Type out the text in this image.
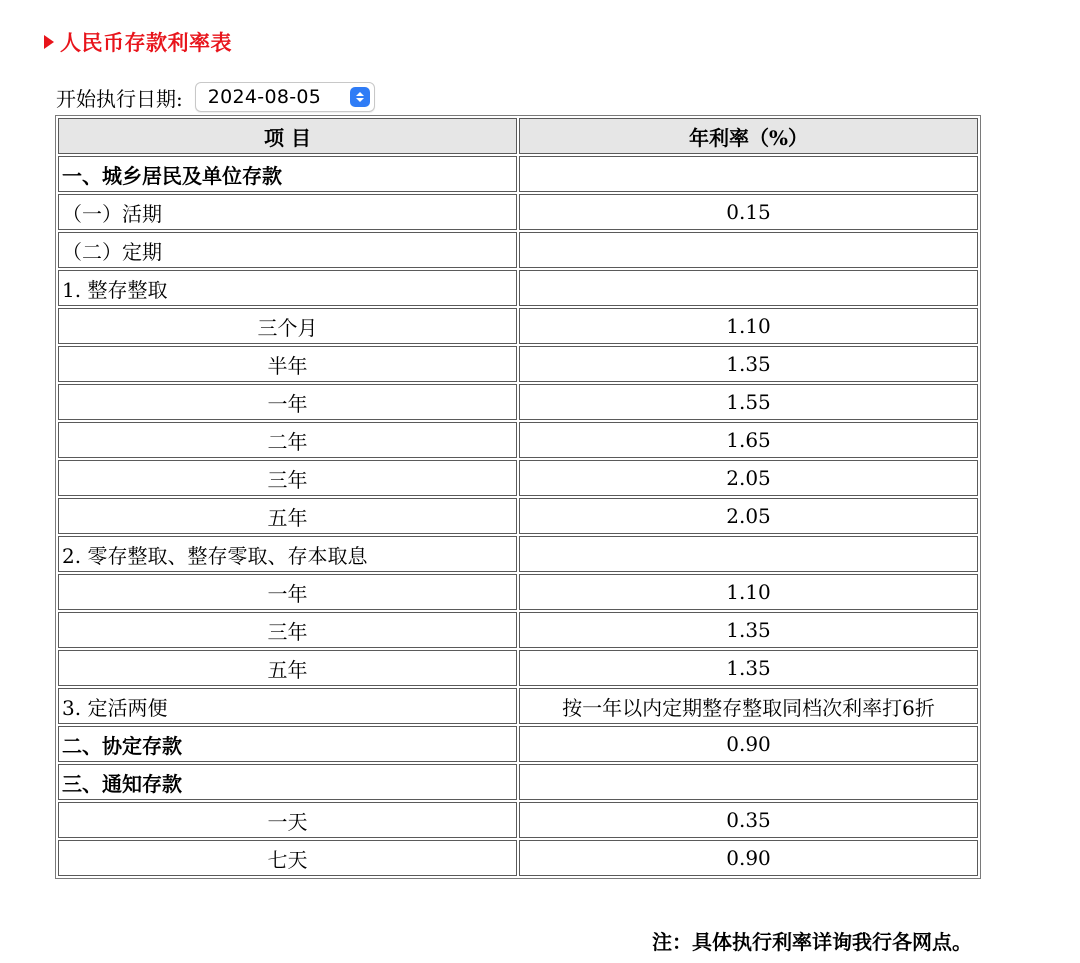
人民币存款利率表
开始执行日期: 2024-08-05
项 目	年利率（%）
一、城乡居民及单位存款	
（一）活期	0.15
（二）定期	
1. 整存整取	
三个月	1.10
半年	1.35
一年	1.55
二年	1.65
三年	2.05
五年	2.05
2. 零存整取、整存零取、存本取息	
一年	1.10
三年	1.35
五年	1.35
3. 定活两便	按一年以内定期整存整取同档次利率打6折
二、协定存款	0.90
三、通知存款	
一天	0.35
七天	0.90
注：具体执行利率详询我行各网点。
